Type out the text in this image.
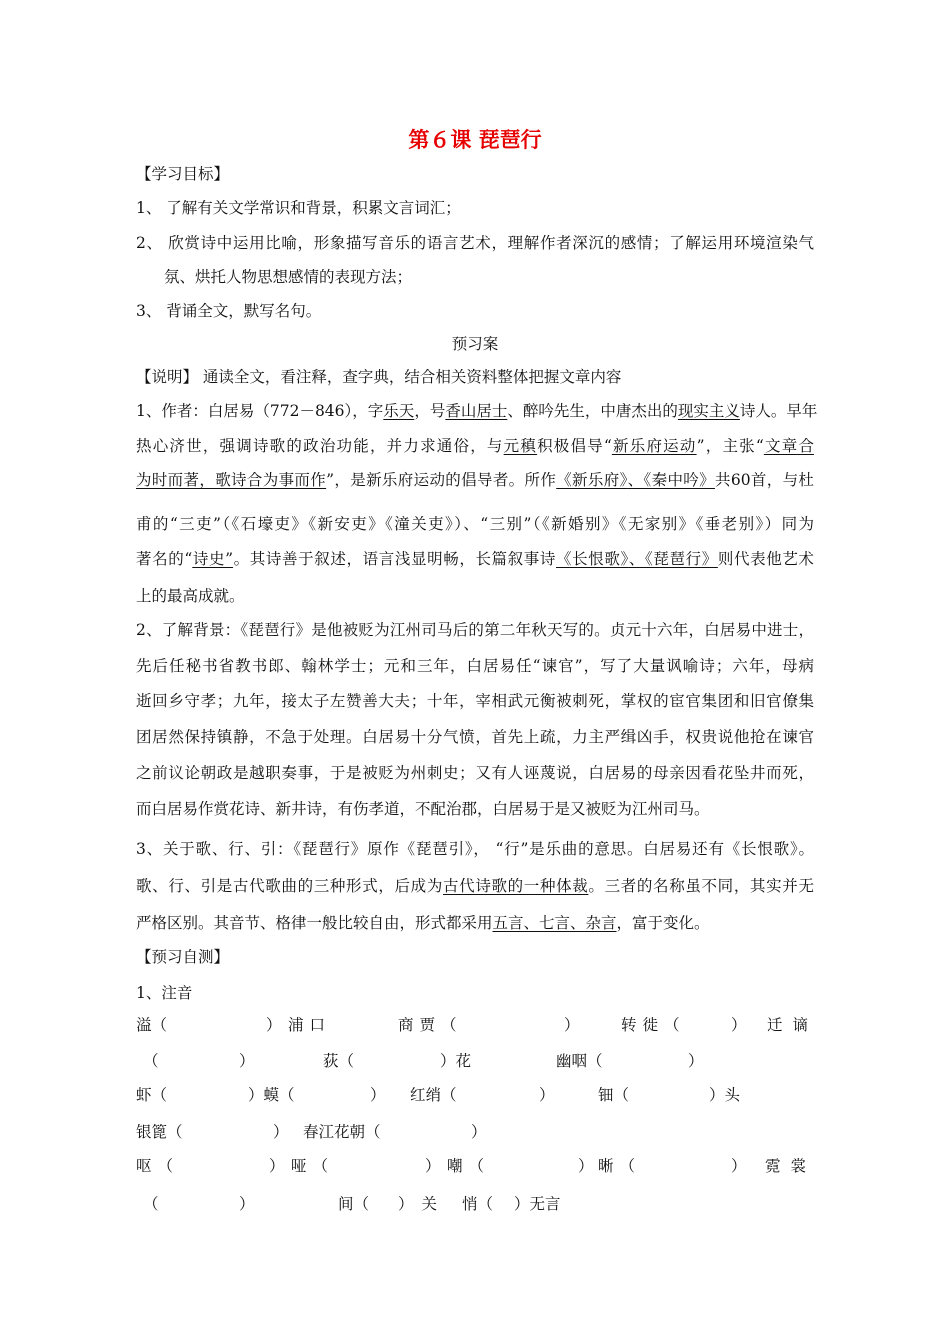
第６课 琵琶行
【学习目标】
1、 了解有关文学常识和背景，积累文言词汇；
2、 欣赏诗中运用比喻，形象描写音乐的语言艺术，理解作者深沉的感情；了解运用环境渲染气
氛、烘托人物思想感情的表现方法；
3、 背诵全文，默写名句。
预习案
【说明】 通读全文，看注释，查字典，结合相关资料整体把握文章内容
1、作者：白居易（772－846），字乐天，号香山居士、醉吟先生，中唐杰出的现实主义诗人。早年
热心济世，强调诗歌的政治功能，并力求通俗，与元稹积极倡导“新乐府运动”，主张“文章合
为时而著，歌诗合为事而作”，是新乐府运动的倡导者。所作《新乐府》、《秦中吟》共60首，与杜
甫的“三吏”（《石壕吏》《新安吏》《潼关吏》）、“三别”（《新婚别》《无家别》《垂老别》）同为
著名的“诗史”。其诗善于叙述，语言浅显明畅，长篇叙事诗《长恨歌》、《琵琶行》则代表他艺术
上的最高成就。
2、了解背景：《琵琶行》是他被贬为江州司马后的第二年秋天写的。贞元十六年，白居易中进士，
先后任秘书省教书郎、翰林学士；元和三年，白居易任“谏官”，写了大量讽喻诗；六年，母病
逝回乡守孝；九年，接太子左赞善大夫；十年，宰相武元衡被刺死，掌权的宦官集团和旧官僚集
团居然保持镇静，不急于处理。白居易十分气愤，首先上疏，力主严缉凶手，权贵说他抢在谏官
之前议论朝政是越职奏事，于是被贬为州刺史；又有人诬蔑说，白居易的母亲因看花坠井而死，
而白居易作赏花诗、新井诗，有伤孝道，不配治郡，白居易于是又被贬为江州司马。
3、关于歌、行、引：《琵琶行》原作《琵琶引》， “行”是乐曲的意思。白居易还有《长恨歌》。
歌、行、引是古代歌曲的三种形式，后成为古代诗歌的一种体裁。三者的名称虽不同，其实并无
严格区别。其音节、格律一般比较自由，形式都采用五言、七言、杂言，富于变化。
【预习自测】
1、注音
溢（	） 浦口	商贾（	）	转徙（	） 迁谪
（	）	荻（	）花	幽咽（	）
虾（	）蟆（	） 红绡（	）	钿（	）头
银篦（	） 春江花朝（	）
呕（	） 哑（	） 嘲（	） 晰（	） 霓裳
（	）	间（ ）关 悄（ ）无言
